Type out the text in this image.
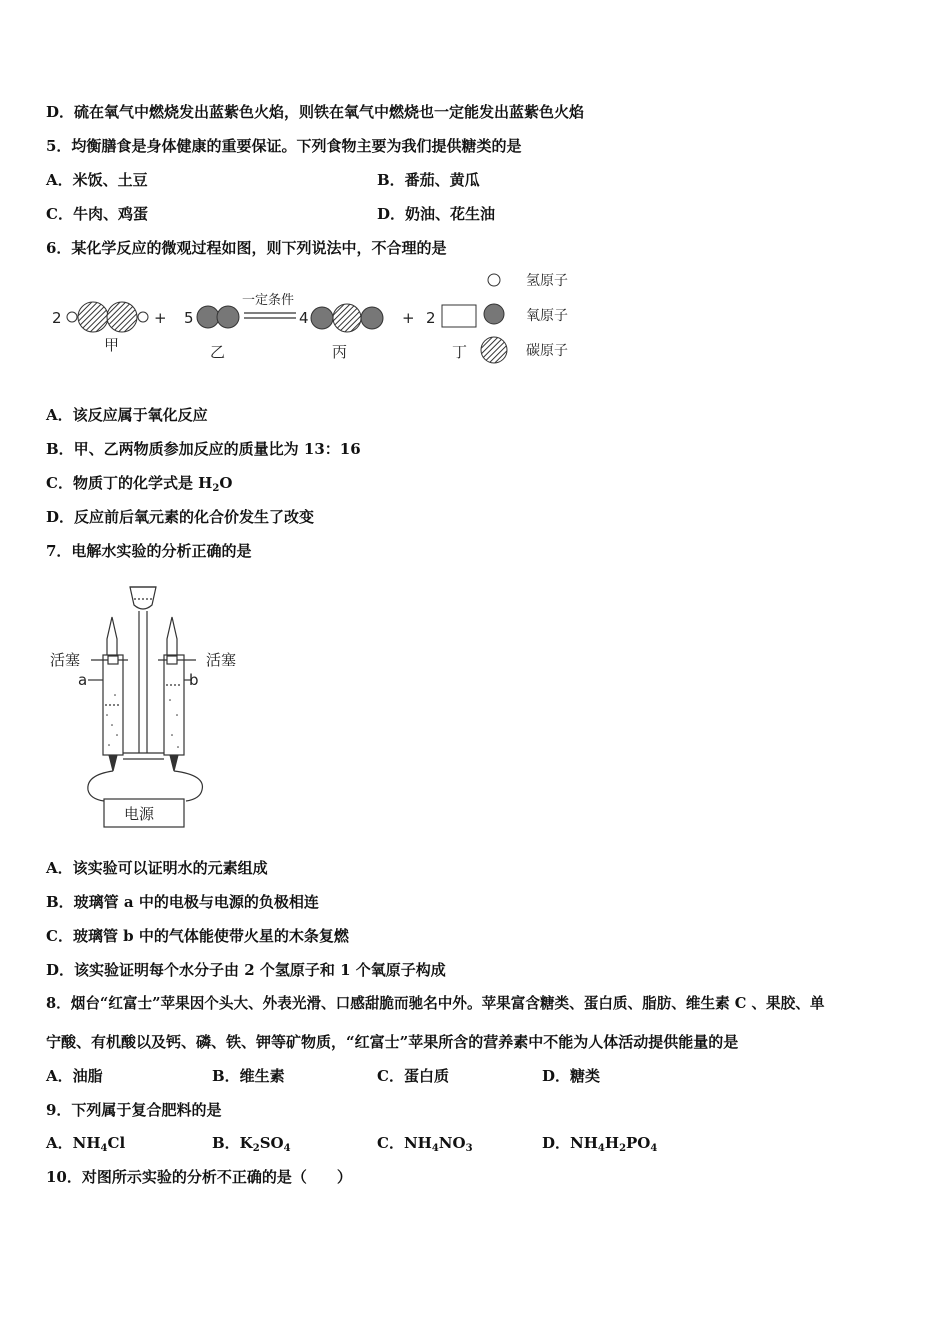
D．硫在氧气中燃烧发出蓝紫色火焰，则铁在氧气中燃烧也一定能发出蓝紫色火焰
5．均衡膳食是身体健康的重要保证。下列食物主要为我们提供糖类的是
A．米饭、土豆	B．番茄、黄瓜
C．牛肉、鸡蛋	D．奶油、花生油
6．某化学反应的微观过程如图，则下列说法中，不合理的是
2
甲
+ 5
乙
一定条件
4
丙
+ 2
丁
氢原子
氧原子
碳原子
A．该反应属于氧化反应
B．甲、乙两物质参加反应的质量比为 13：16
C．物质丁的化学式是 $H_2O$
D．反应前后氧元素的化合价发生了改变
7．电解水实验的分析正确的是
活塞	活塞
a	b
电源
A．该实验可以证明水的元素组成
B．玻璃管 a 中的电极与电源的负极相连
C．玻璃管 b 中的气体能使带火星的木条复燃
D．该实验证明每个水分子由 2 个氢原子和 1 个氧原子构成
8．烟台“红富士”苹果因个头大、外表光滑、口感甜脆而驰名中外。苹果富含糖类、蛋白质、脂肪、维生素 C 、果胶、单
宁酸、有机酸以及钙、磷、铁、钾等矿物质，“红富士”苹果所含的营养素中不能为人体活动提供能量的是
A．油脂	B．维生素	C．蛋白质	D．糖类
9．下列属于复合肥料的是
A．$NH_4Cl$	B．$K_2SO_4$	C．$NH_4NO_3$	D．$NH_4H_2PO_4$
10．对图所示实验的分析不正确的是（　　）
